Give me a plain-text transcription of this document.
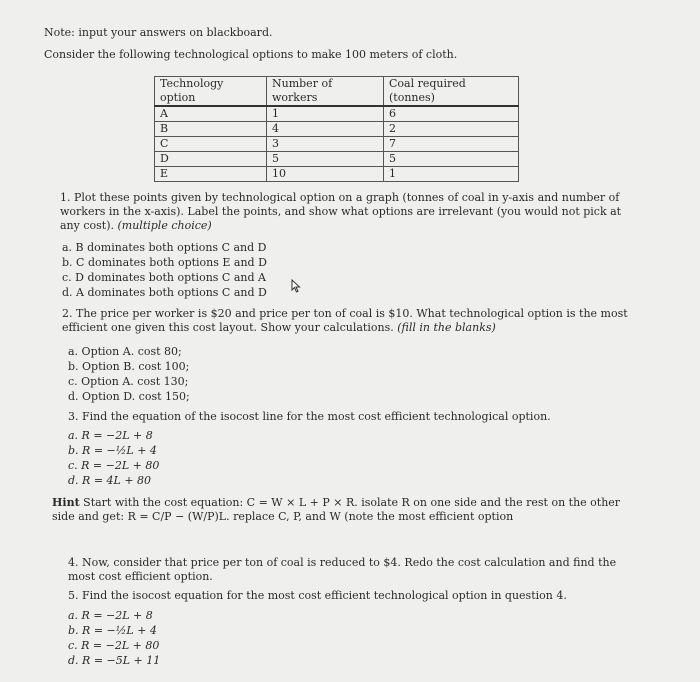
Note: input your answers on blackboard.
Consider the following technological options to make 100 meters of cloth.
Technology option	Number of workers	Coal required (tonnes)
A	1	6
B	4	2
C	3	7
D	5	5
E	10	1
1. Plot these points given by technological option on a graph (tonnes of coal in y-axis and number of workers in the x-axis). Label the points, and show what options are irrelevant (you would not pick at any cost). (multiple choice)
a. B dominates both options C and D
b. C dominates both options E and D
c. D dominates both options C and A
d. A dominates both options C and D
2. The price per worker is $20 and price per ton of coal is $10. What technological option is the most efficient one given this cost layout. Show your calculations. (fill in the blanks)
a. Option A. cost 80;
b. Option B. cost 100;
c. Option A. cost 130;
d. Option D. cost 150;
3. Find the equation of the isocost line for the most cost efficient technological option.
a. R = −2L + 8
b. R = −½L + 4
c. R = −2L + 80
d. R = 4L + 80
Hint Start with the cost equation: C = W × L + P × R. isolate R on one side and the rest on the other side and get: R = C/P − (W/P)L. replace C, P, and W (note the most efficient option
4. Now, consider that price per ton of coal is reduced to $4. Redo the cost calculation and find the most cost efficient option.
5. Find the isocost equation for the most cost efficient technological option in question 4.
a. R = −2L + 8
b. R = −½L + 4
c. R = −2L + 80
d. R = −5L + 11
